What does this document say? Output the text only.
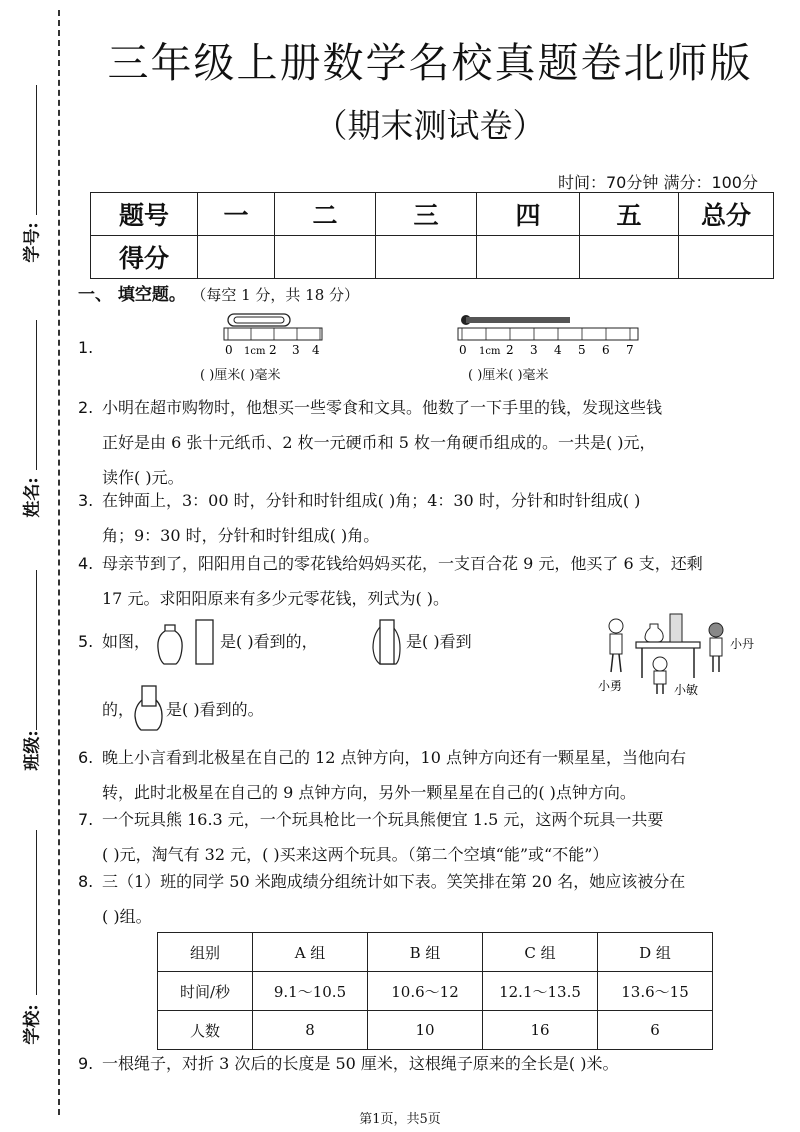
学号:
姓名:
班级:
学校:
三年级上册数学名校真题卷北师版
（期末测试卷）
时间：70分钟 满分：100分
题号	一	二	三	四	五	总分
得分						
一、 填空题。 （每空 1 分，共 18 分）
1.	0 1cm 2 3 4
( )厘米( )毫米
0 1cm 2 3 4 5 6 7
( )厘米( )毫米
2. 小明在超市购物时，他想买一些零食和文具。他数了一下手里的钱，发现这些钱
正好是由 6 张十元纸币、2 枚一元硬币和 5 枚一角硬币组成的。一共是( )元，
读作( )元。
3. 在钟面上，3：00 时，分针和时针组成( )角；4：30 时，分针和时针组成( )
角；9：30 时，分针和时针组成( )角。
4. 母亲节到了，阳阳用自己的零花钱给妈妈买花，一支百合花 9 元，他买了 6 支，还剩
17 元。求阳阳原来有多少元零花钱，列式为( )。
5. 如图，	是( )看到的，	是( )看到
的，	是( )看到的。
小勇	小敏
小丹
6. 晚上小言看到北极星在自己的 12 点钟方向，10 点钟方向还有一颗星星，当他向右
转，此时北极星在自己的 9 点钟方向，另外一颗星星在自己的( )点钟方向。
7. 一个玩具熊 16.3 元，一个玩具枪比一个玩具熊便宜 1.5 元，这两个玩具一共要
( )元，淘气有 32 元，( )买来这两个玩具。（第二个空填“能”或“不能”）
8. 三（1）班的同学 50 米跑成绩分组统计如下表。笑笑排在第 20 名，她应该被分在
( )组。
组别	A 组	B 组	C 组	D 组
时间/秒	9.1～10.5	10.6～12	12.1～13.5	13.6～15
人数	8	10	16	6
9. 一根绳子，对折 3 次后的长度是 50 厘米，这根绳子原来的全长是( )米。
第1页，共5页
